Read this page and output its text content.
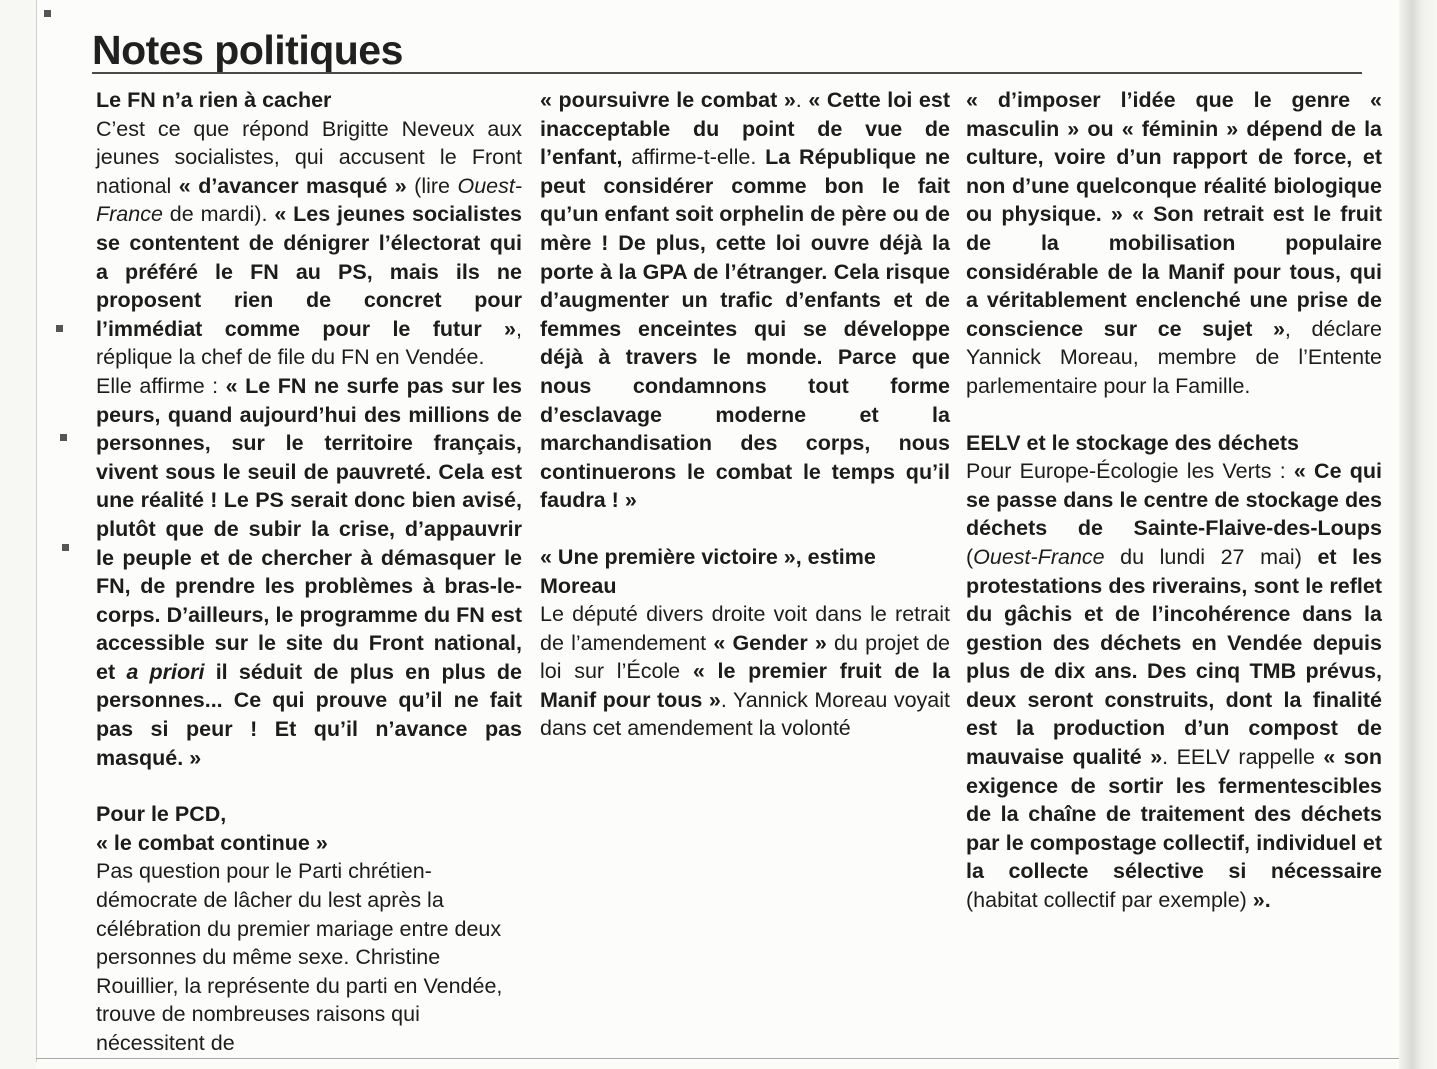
Notes politiques
Le FN n’a rien à cacher

C’est ce que répond Brigitte Neveux aux jeunes socialistes, qui accusent le Front national « d’avancer masqué » (lire Ouest-France de mardi). « Les jeunes socialistes se contentent de dénigrer l’électorat qui a préféré le FN au PS, mais ils ne proposent rien de concret pour l’immédiat comme pour le futur », réplique la chef de file du FN en Vendée.

Elle affirme : « Le FN ne surfe pas sur les peurs, quand aujourd’hui des millions de personnes, sur le territoire français, vivent sous le seuil de pauvreté. Cela est une réalité ! Le PS serait donc bien avisé, plutôt que de subir la crise, d’appauvrir le peuple et de chercher à démasquer le FN, de prendre les problèmes à bras-le-corps. D’ailleurs, le programme du FN est accessible sur le site du Front national, et a priori il séduit de plus en plus de personnes... Ce qui prouve qu’il ne fait pas si peur ! Et qu’il n’avance pas masqué. »

Pour le PCD,
« le combat continue »

Pas question pour le Parti chrétien-démocrate de lâcher du lest après la célébration du premier mariage entre deux personnes du même sexe. Christine Rouillier, la représente du parti en Vendée, trouve de nombreuses raisons qui nécessitent de

« poursuivre le combat ». « Cette loi est inacceptable du point de vue de l’enfant, affirme-t-elle. La République ne peut considérer comme bon le fait qu’un enfant soit orphelin de père ou de mère ! De plus, cette loi ouvre déjà la porte à la GPA de l’étranger. Cela risque d’augmenter un trafic d’enfants et de femmes enceintes qui se développe déjà à travers le monde. Parce que nous condamnons tout forme d’esclavage moderne et la marchandisation des corps, nous continuerons le combat le temps qu’il faudra ! »

« Une première victoire », estime Moreau

Le député divers droite voit dans le retrait de l’amendement « Gender » du projet de loi sur l’École « le premier fruit de la Manif pour tous ». Yannick Moreau voyait dans cet amendement la volonté

« d’imposer l’idée que le genre « masculin » ou « féminin » dépend de la culture, voire d’un rapport de force, et non d’une quelconque réalité biologique ou physique. » « Son retrait est le fruit de la mobilisation populaire considérable de la Manif pour tous, qui a véritablement enclenché une prise de conscience sur ce sujet », déclare Yannick Moreau, membre de l’Entente parlementaire pour la Famille.

EELV et le stockage des déchets

Pour Europe-Écologie les Verts : « Ce qui se passe dans le centre de stockage des déchets de Sainte-Flaive-des-Loups (Ouest-France du lundi 27 mai) et les protestations des riverains, sont le reflet du gâchis et de l’incohérence dans la gestion des déchets en Vendée depuis plus de dix ans. Des cinq TMB prévus, deux seront construits, dont la finalité est la production d’un compost de mauvaise qualité ». EELV rappelle « son exigence de sortir les fermentescibles de la chaîne de traitement des déchets par le compostage collectif, individuel et la collecte sélective si nécessaire (habitat collectif par exemple) ».
